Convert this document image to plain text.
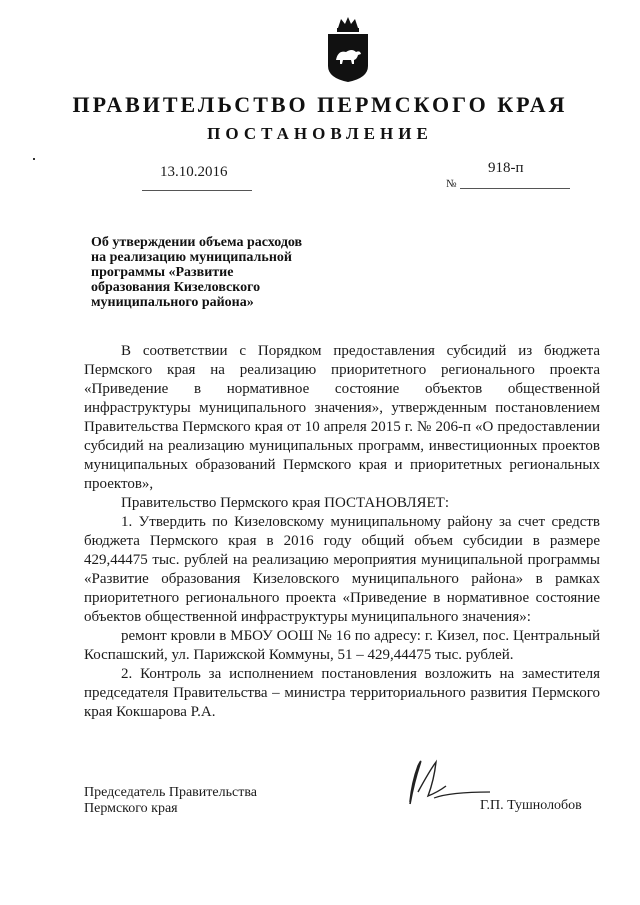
ПРАВИТЕЛЬСТВО ПЕРМСКОГО КРАЯ
ПОСТАНОВЛЕНИЕ
13.10.2016	918-п
№
Об утверждении объема расходов
на реализацию муниципальной
программы «Развитие
образования Кизеловского
муниципального района»

В соответствии с Порядком предоставления субсидий из бюджета Пермского края на реализацию приоритетного регионального проекта «Приведение в нормативное состояние объектов общественной инфраструктуры муниципального значения», утвержденным постановлением Правительства Пермского края от 10 апреля 2015 г. № 206-п «О предоставлении субсидий на реализацию муниципальных программ, инвестиционных проектов муниципальных образований Пермского края и приоритетных региональных проектов»,

Правительство Пермского края ПОСТАНОВЛЯЕТ:

1. Утвердить по Кизеловскому муниципальному району за счет средств бюджета Пермского края в 2016 году общий объем субсидии в размере 429,44475 тыс. рублей на реализацию мероприятия муниципальной программы «Развитие образования Кизеловского муниципального района» в рамках приоритетного регионального проекта «Приведение в нормативное состояние объектов общественной инфраструктуры муниципального значения»:

ремонт кровли в МБОУ ООШ № 16 по адресу: г. Кизел, пос. Центральный Коспашский, ул. Парижской Коммуны, 51 – 429,44475 тыс. рублей.

2. Контроль за исполнением постановления возложить на заместителя председателя Правительства – министра территориального развития Пермского края Кокшарова Р.А.

Председатель Правительства
Пермского края	Г.П. Тушнолобов
